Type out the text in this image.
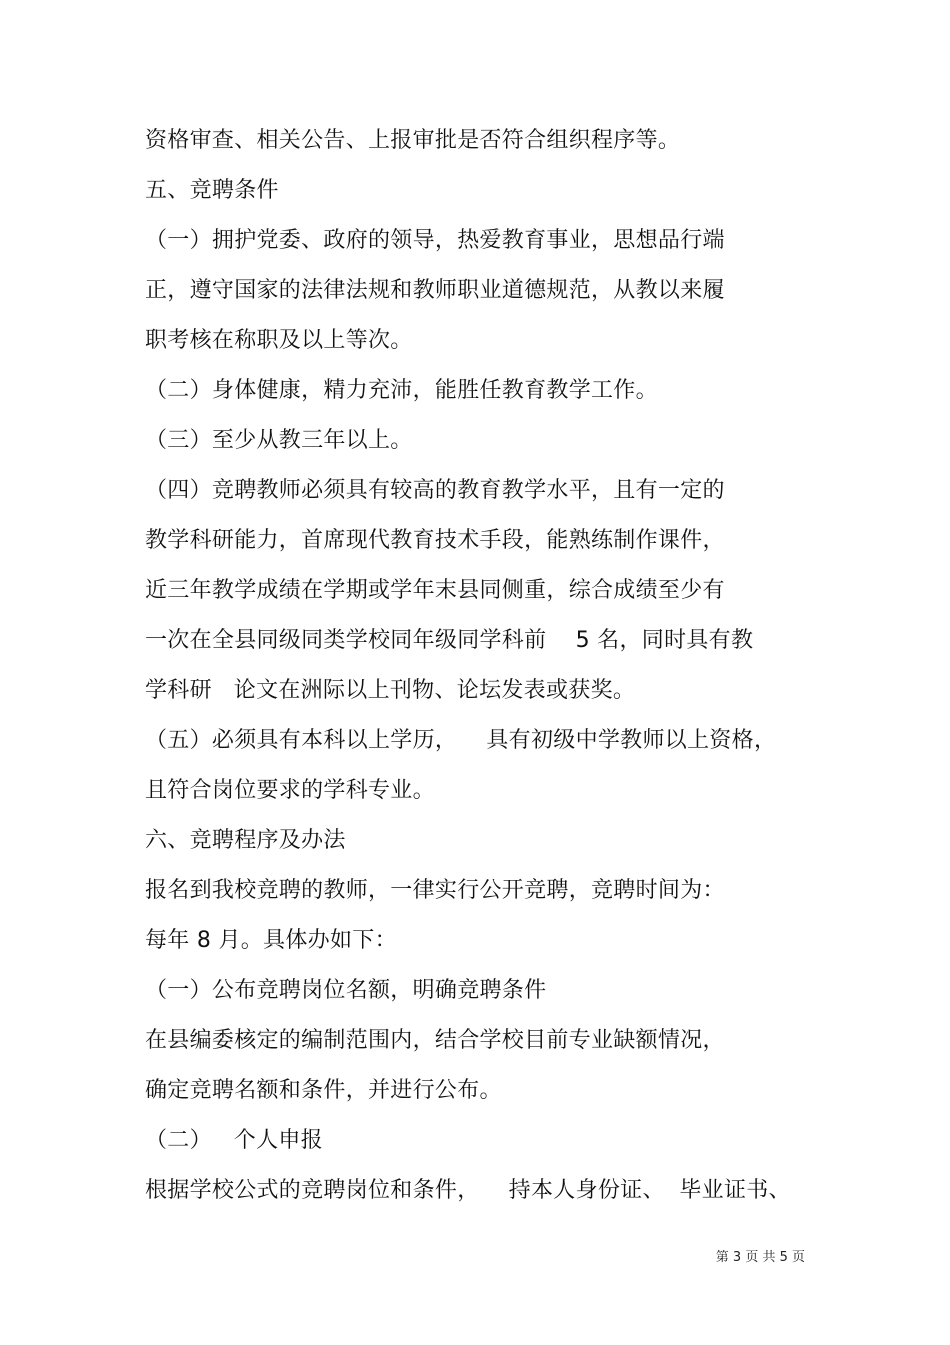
资格审查、相关公告、上报审批是否符合组织程序等。
五、竞聘条件
（一）拥护党委、政府的领导，热爱教育事业，思想品行端
正，遵守国家的法律法规和教师职业道德规范，从教以来履
职考核在称职及以上等次。
（二）身体健康，精力充沛，能胜任教育教学工作。
（三）至少从教三年以上。
（四）竞聘教师必须具有较高的教育教学水平，且有一定的
教学科研能力，首席现代教育技术手段，能熟练制作课件，
近三年教学成绩在学期或学年末县同侧重，综合成绩至少有
一次在全县同级同类学校同年级同学科前    5 名，同时具有教
学科研   论文在洲际以上刊物、论坛发表或获奖。
（五）必须具有本科以上学历，    具有初级中学教师以上资格，
且符合岗位要求的学科专业。
六、竞聘程序及办法
报名到我校竞聘的教师，一律实行公开竞聘，竞聘时间为：
每年 8 月。具体办如下：
（一）公布竞聘岗位名额，明确竞聘条件
在县编委核定的编制范围内，结合学校目前专业缺额情况，
确定竞聘名额和条件，并进行公布。
（二）   个人申报
根据学校公式的竞聘岗位和条件，    持本人身份证、  毕业证书、
第 3 页 共 5 页
